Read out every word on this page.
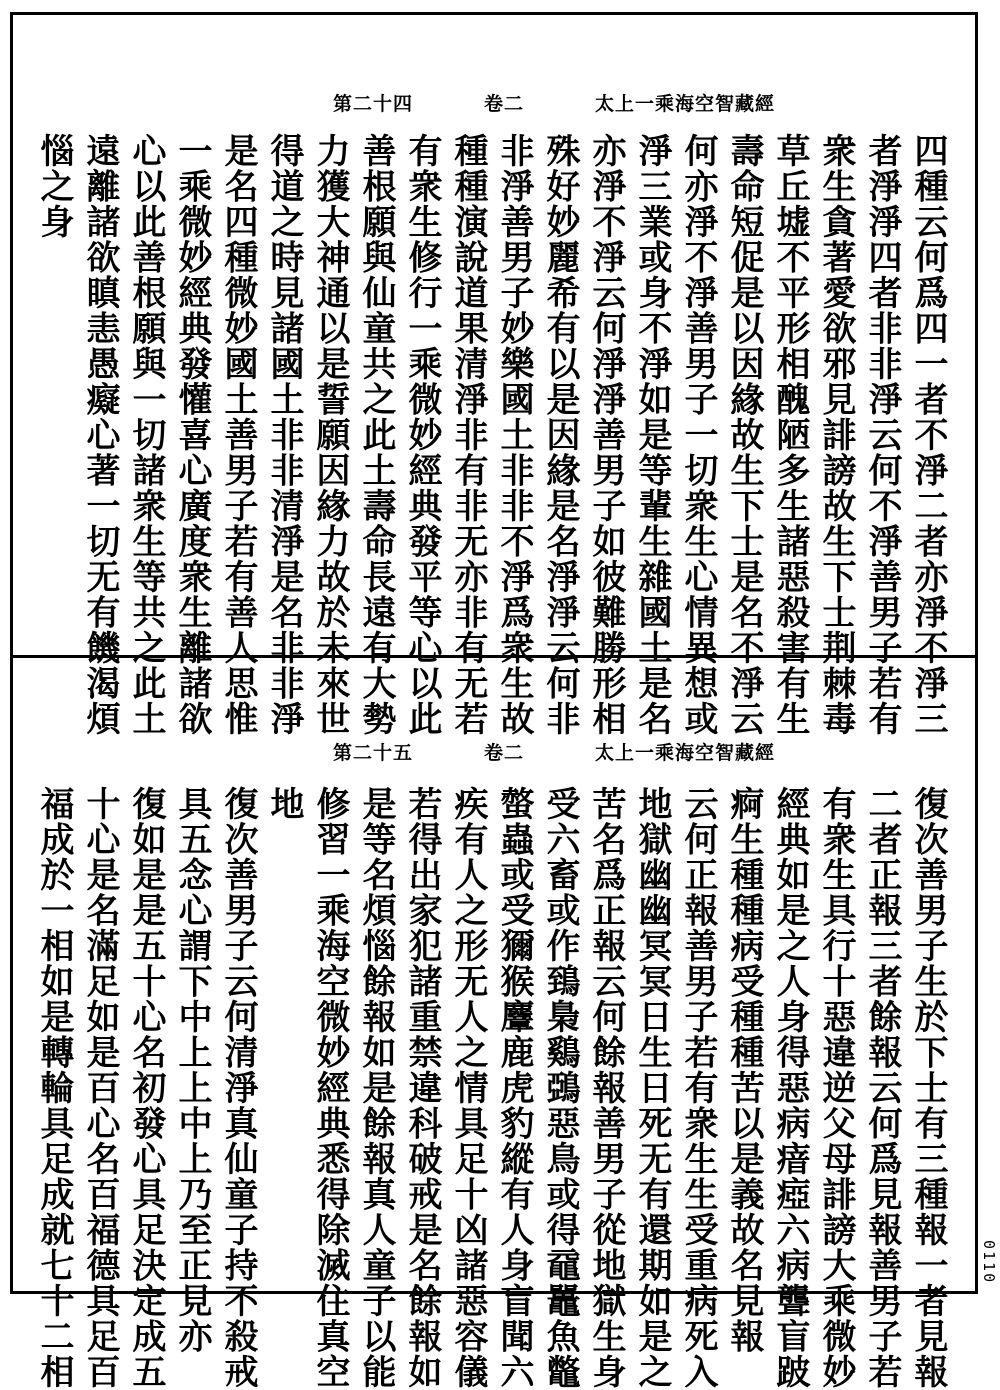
太上一乘海空智藏經
卷二
第二十四
四種云何爲四一者不淨二者亦淨不淨三
者淨淨四者非非淨云何不淨善男子若有
衆生貪著愛欲邪見誹謗故生下士荆棘毒
草丘墟不平形相醜陋多生諸惡殺害有生
壽命短促是以因緣故生下士是名不淨云
何亦淨不淨善男子一切衆生心情異想或
淨三業或身不淨如是等輩生雜國土是名
亦淨不淨云何淨淨善男子如彼難勝形相
殊好妙麗希有以是因緣是名淨淨云何非
非淨善男子妙樂國土非非不淨爲衆生故
種種演說道果清淨非有非无亦非有无若
有衆生修行一乘微妙經典發平等心以此
善根願與仙童共之此土壽命長遠有大勢
力獲大神通以是誓願因緣力故於未來世
得道之時見諸國土非非清淨是名非非淨
是名四種微妙國土善男子若有善人思惟
一乘微妙經典發懽喜心廣度衆生離諸欲
心以此善根願與一切諸衆生等共之此土
遠離諸欲瞋恚愚癡心著一切无有饑渴煩
惱之身
太上一乘海空智藏經
卷二
第二十五
復次善男子生於下士有三種報一者見報
二者正報三者餘報云何爲見報善男子若
有衆生具行十惡違逆父母誹謗大乘微妙
經典如是之人身得惡病瘖瘂六病聾盲跛
痾生種種病受種種苦以是義故名見報
云何正報善男子若有衆生生受重病死入
地獄幽幽冥冥日生日死无有還期如是之
苦名爲正報云何餘報善男子從地獄生身
受六畜或作鵄梟鷄鵶惡鳥或得黿鼉魚鼈
螫蟲或受獮猴麞鹿虎豹縱有人身盲聞六
疾有人之形无人之情具足十凶諸惡容儀
若得出家犯諸重禁違科破戒是名餘報如
是等名煩惱餘報如是餘報真人童子以能
修習一乘海空微妙經典悉得除滅住真空
地
復次善男子云何清淨真仙童子持不殺戒
具五念心謂下中上上中上乃至正見亦
復如是是五十心名初發心具足決定成五
十心是名滿足如是百心名百福德具足百
福成於一相如是轉輪具足成就七十二相	0110
